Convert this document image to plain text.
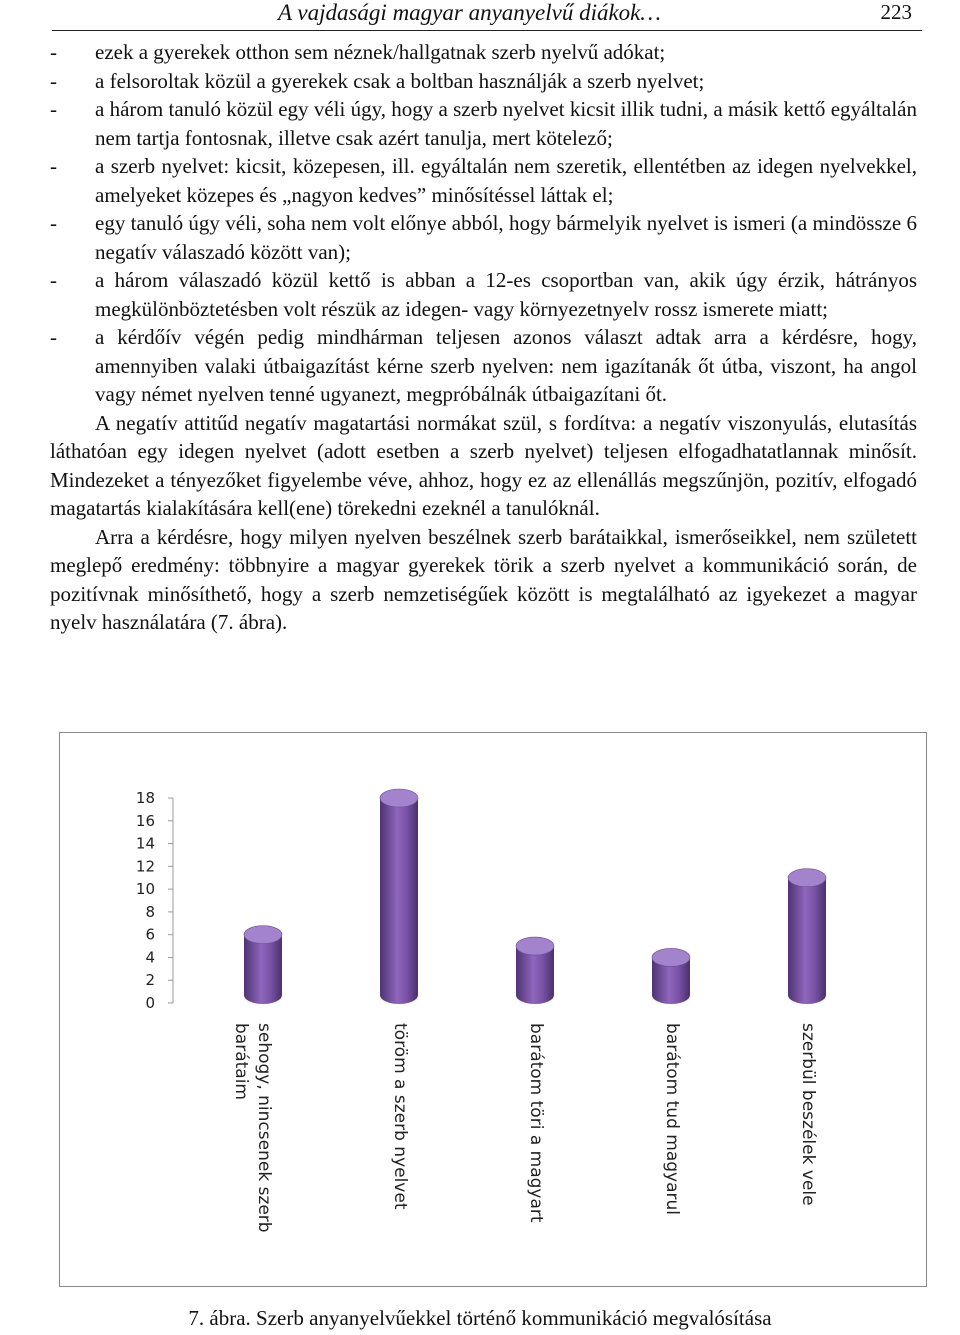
A vajdasági magyar anyanyelvű diákok…	223
- ezek a gyerekek otthon sem néznek/hallgatnak szerb nyelvű adókat;
- a felsoroltak közül a gyerekek csak a boltban használják a szerb nyelvet;
- a három tanuló közül egy véli úgy, hogy a szerb nyelvet kicsit illik tudni, a másik kettő egyáltalán nem tartja fontosnak, illetve csak azért tanulja, mert kötelező;
- a szerb nyelvet: kicsit, közepesen, ill. egyáltalán nem szeretik, ellentétben az idegen nyelvekkel, amelyeket közepes és „nagyon kedves” minősítéssel láttak el;
- egy tanuló úgy véli, soha nem volt előnye abból, hogy bármelyik nyelvet is ismeri (a mindössze 6 negatív válaszadó között van);
- a három válaszadó közül kettő is abban a 12-es csoportban van, akik úgy érzik, hátrányos megkülönböztetésben volt részük az idegen- vagy környezetnyelv rossz ismerete miatt;
- a kérdőív végén pedig mindhárman teljesen azonos választ adtak arra a kérdésre, hogy, amennyiben valaki útbaigazítást kérne szerb nyelven: nem igazítanák őt útba, viszont, ha angol vagy német nyelven tenné ugyanezt, megpróbálnák útbaigazítani őt.

A negatív attitűd negatív magatartási normákat szül, s fordítva: a negatív viszonyulás, elutasítás láthatóan egy idegen nyelvet (adott esetben a szerb nyelvet) teljesen elfogadhatatlannak minősít. Mindezeket a tényezőket figyelembe véve, ahhoz, hogy ez az ellenállás megszűnjön, pozitív, elfogadó magatartás kialakítására kell(ene) törekedni ezeknél a tanulóknál.

Arra a kérdésre, hogy milyen nyelven beszélnek szerb barátaikkal, ismerőseikkel, nem született meglepő eredmény: többnyire a magyar gyerekek törik a szerb nyelvet a kommunikáció során, de pozitívnak minősíthető, hogy a szerb nemzetiségűek között is megtalálható az igyekezet a magyar nyelv használatára (7. ábra).

0
2
4
6
8
10
12
14
16
18
sehogy, nincsenek szerbbarátaim	töröm a szerb nyelvet	barátom töri a magyart	barátom tud magyarul	szerbül beszélek vele
7. ábra. Szerb anyanyelvűekkel történő kommunikáció megvalósítása
